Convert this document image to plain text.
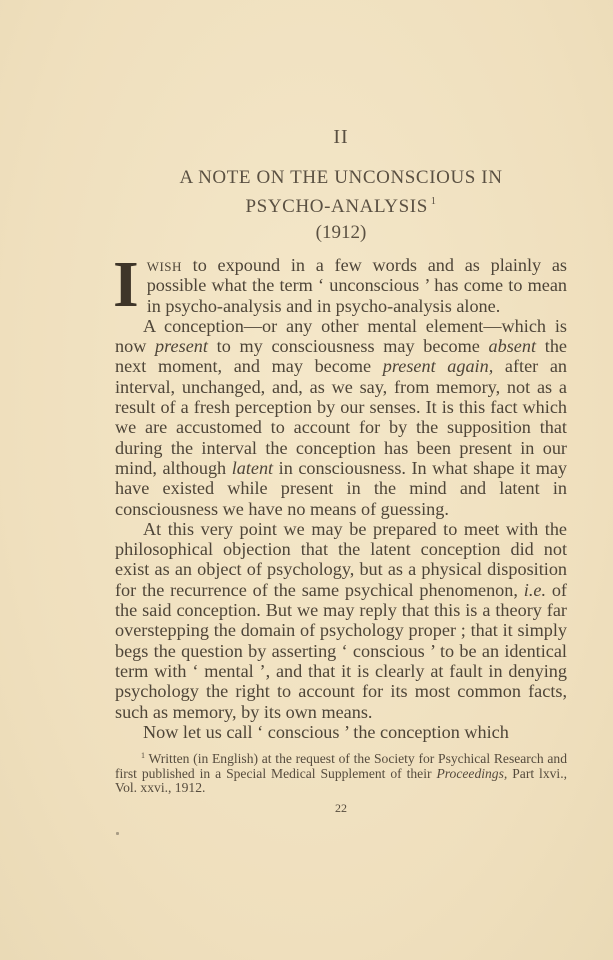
II
A NOTE ON THE UNCONSCIOUS IN
PSYCHO-ANALYSIS $^1$
(1912)

Iwish to expound in a few words and as plainly as possible what the term ‘ unconscious ’ has come to mean in psycho-analysis and in psycho-analysis alone.

A conception—or any other mental element—which is now present to my consciousness may become absent the next moment, and may become present again, after an interval, unchanged, and, as we say, from memory, not as a result of a fresh perception by our senses. It is this fact which we are accustomed to account for by the supposition that during the interval the conception has been present in our mind, although latent in consciousness. In what shape it may have existed while present in the mind and latent in consciousness we have no means of guessing.

At this very point we may be prepared to meet with the philosophical objection that the latent conception did not exist as an object of psychology, but as a physical disposition for the recurrence of the same psychical phenomenon, i.e. of the said conception. But we may reply that this is a theory far overstepping the domain of psychology proper ; that it simply begs the question by asserting ‘ conscious ’ to be an identical term with ‘ mental ’, and that it is clearly at fault in denying psychology the right to account for its most common facts, such as memory, by its own means.

Now let us call ‘ conscious ’ the conception which

$^1$ Written (in English) at the request of the Society for Psychical Research and first published in a Special Medical Supplement of their Proceedings, Part lxvi., Vol. xxvi., 1912.

22
